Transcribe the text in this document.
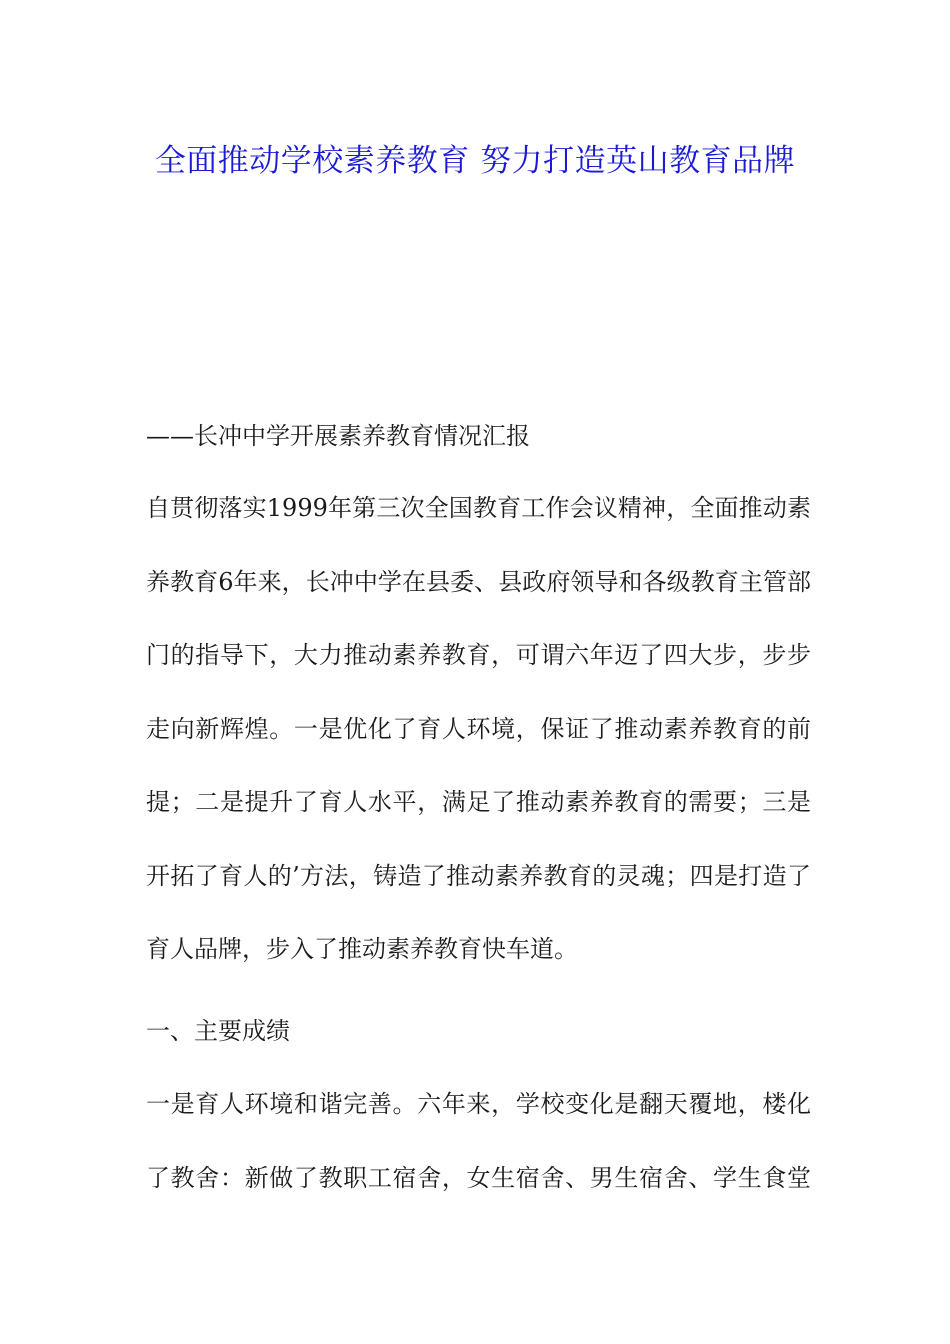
全面推动学校素养教育 努力打造英山教育品牌

——长冲中学开展素养教育情况汇报

自贯彻落实1999年第三次全国教育工作会议精神，全面推动素养教育6年来，长冲中学在县委、县政府领导和各级教育主管部门的指导下，大力推动素养教育，可谓六年迈了四大步，步步走向新辉煌。一是优化了育人环境，保证了推动素养教育的前提；二是提升了育人水平，满足了推动素养教育的需要；三是开拓了育人的’方法，铸造了推动素养教育的灵魂；四是打造了育人品牌，步入了推动素养教育快车道。

一、主要成绩

一是育人环境和谐完善。六年来，学校变化是翻天覆地，楼化了教舍：新做了教职工宿舍，女生宿舍、男生宿舍、学生食堂
